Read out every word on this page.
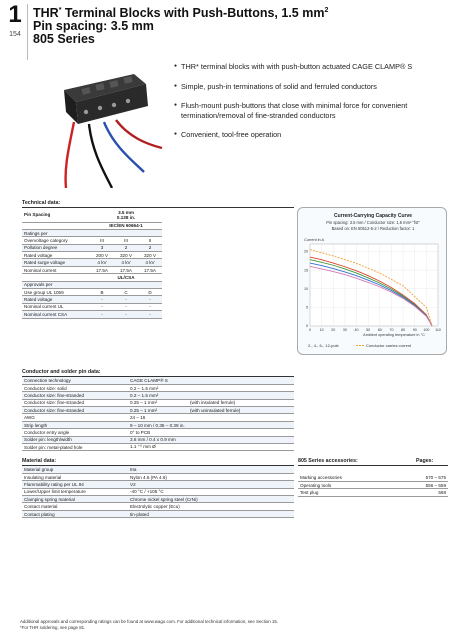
1
154
THR* Terminal Blocks with Push-Buttons, 1.5 $mm^2$
Pin spacing: 3.5 mm
805 Series
● THR* terminal blocks with with push-button actuated CAGE CLAMP® S
● Simple, push-in terminations of solid and ferruled conductors
● Flush-mount push-buttons that close with minimal force for convenient termination/removal of fine-stranded conductors
● Convenient, tool-free operation
Technical data:
Pin Spacing	3.5 mm
0.138 in.		
	IEC/EN 60664-1		
Ratings per			
Overvoltage category	III	III	II
Pollution degree	3	2	2
Rated voltage	200 V	320 V	320 V
Rated surge voltage	4 kV	4 kV	4 kV
Nominal current	17.5A	17.5A	17.5A
	UL/CSA		
Approvals per			
Use group UL 1059	B	C	D
Rated voltage	-	-	-
Nominal current UL	-	-	-
Nominal current CSA	-	-	-
Current-Carrying Capacity Curve
Pin spacing: 3.5 mm / Conductor size: 1.5 mm² "fst"
Based on: EN 60512-5-2 / Reduction factor: 1
Current in A
0 10 20 30 40 50 60 70 80 90 100 110
0
5
10
15
20
Ambient operating temperature in °C
2-, 4-, 6-, 12-pole	Conductor carries current
Conductor and solder pin data:
Connection technology	CAGE CLAMP® S	
Conductor size: solid	0.2 – 1.5 mm²	
Conductor size: fine-stranded	0.2 – 1.5 mm²	
Conductor size: fine-stranded	0.25 – 1 mm²	(with insulated ferrule)
Conductor size: fine-stranded	0.25 – 1 mm²	(with uninsulated ferrule)
AWG	24 – 16	
Strip length	9 – 10 mm / 0.35 – 0.39 in.	
Conductor entry angle	0° to PCB	
Solder pin: length/width	3.6 mm / 0.4 x 0.9 mm	
Solder pin: metal-plated hole	1.1 ⁺⁰ mm Ø	
Material data:
Material group	IIIa
Insulating material	Nylon 4.6 (PA 4.6)
Flammability rating per UL 94	V2
Lower/Upper limit temperature	-40 °C / +105 °C
Clamping spring material	Chrome nickel spring steel (CrNi)
Contact material	Electrolytic copper (Ecu)
Contact plating	tin-plated
805 Series accessories:	Pages:
Marking accessories	570 – 575
Operating tools	556 – 559
Test plug	568
Additional approvals and corresponding ratings can be found at www.wago.com. For additional technical information, see Section 15.
*For THR soldering, see page 81.
